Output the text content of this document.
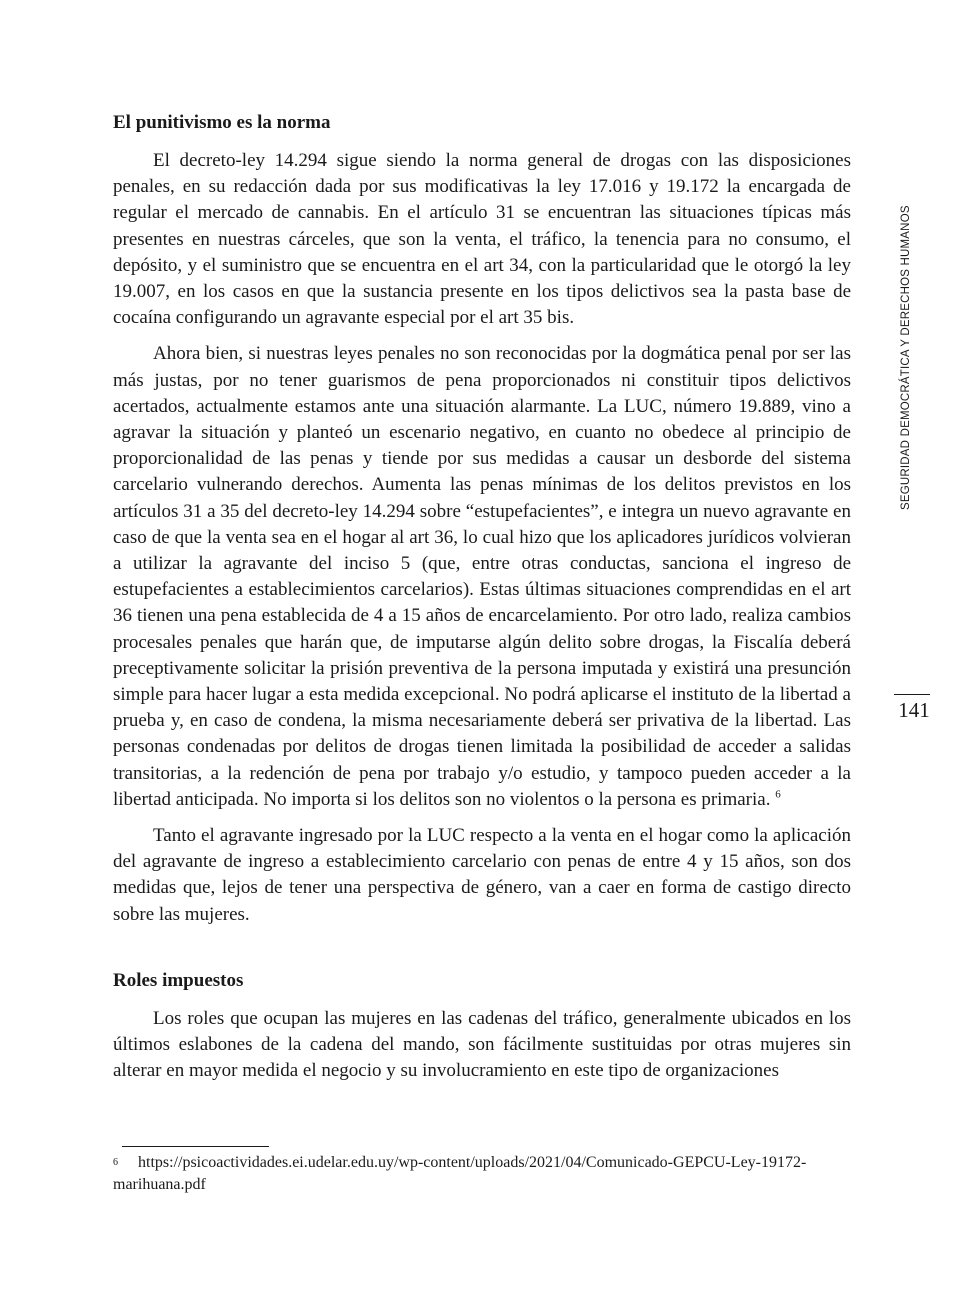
El punitivismo es la norma

El decreto-ley 14.294 sigue siendo la norma general de drogas con las disposiciones penales, en su redacción dada por sus modificativas la ley 17.016 y 19.172 la encargada de regular el mercado de cannabis. En el artículo 31 se encuentran las situaciones típicas más presentes en nuestras cárceles, que son la venta, el tráfico, la tenencia para no consumo, el depósito, y el suministro que se encuentra en el art 34, con la particularidad que le otorgó la ley 19.007, en los casos en que la sustancia presente en los tipos delictivos sea la pasta base de cocaína configurando un agravante especial por el art 35 bis.

Ahora bien, si nuestras leyes penales no son reconocidas por la dogmática penal por ser las más justas, por no tener guarismos de pena proporcionados ni constituir tipos delictivos acertados, actualmente estamos ante una situación alarmante. La LUC, número 19.889, vino a agravar la situación y planteó un escenario negativo, en cuanto no obedece al principio de proporcionalidad de las penas y tiende por sus medidas a causar un desborde del sistema carcelario vulnerando derechos. Aumenta las penas mínimas de los delitos previstos en los artículos 31 a 35 del decreto-ley 14.294 sobre “estupefacientes”, e integra un nuevo agravante en caso de que la venta sea en el hogar al art 36, lo cual hizo que los aplicadores jurídicos volvieran a utilizar la agravante del inciso 5 (que, entre otras conductas, sanciona el ingreso de estupefacientes a establecimientos carcelarios). Estas últimas situaciones comprendidas en el art 36 tienen una pena establecida de 4 a 15 años de encarcelamiento. Por otro lado, realiza cambios procesales penales que harán que, de imputarse algún delito sobre drogas, la Fiscalía deberá preceptivamente solicitar la prisión preventiva de la persona imputada y existirá una presunción simple para hacer lugar a esta medida excepcional. No podrá aplicarse el instituto de la libertad a prueba y, en caso de condena, la misma necesariamente deberá ser privativa de la libertad. Las personas condenadas por delitos de drogas tienen limitada la posibilidad de acceder a salidas transitorias, a la redención de pena por trabajo y/o estudio, y tampoco pueden acceder a la libertad anticipada. No importa si los delitos son no violentos o la persona es primaria. $^6$

Tanto el agravante ingresado por la LUC respecto a la venta en el hogar como la aplicación del agravante de ingreso a establecimiento carcelario con penas de entre 4 y 15 años, son dos medidas que, lejos de tener una perspectiva de género, van a caer en forma de castigo directo sobre las mujeres.

Roles impuestos

Los roles que ocupan las mujeres en las cadenas del tráfico, generalmente ubicados en los últimos eslabones de la cadena del mando, son fácilmente sustituidas por otras mujeres sin alterar en mayor medida el negocio y su involucramiento en este tipo de organizaciones

SEGURIDAD DEMOCRÁTICA Y DERECHOS HUMANOS
141
$^6$ https://psicoactividades.ei.udelar.edu.uy/wp-content/uploads/2021/04/Comunicado-GEPCU-Ley-19172-marihuana.pdf
